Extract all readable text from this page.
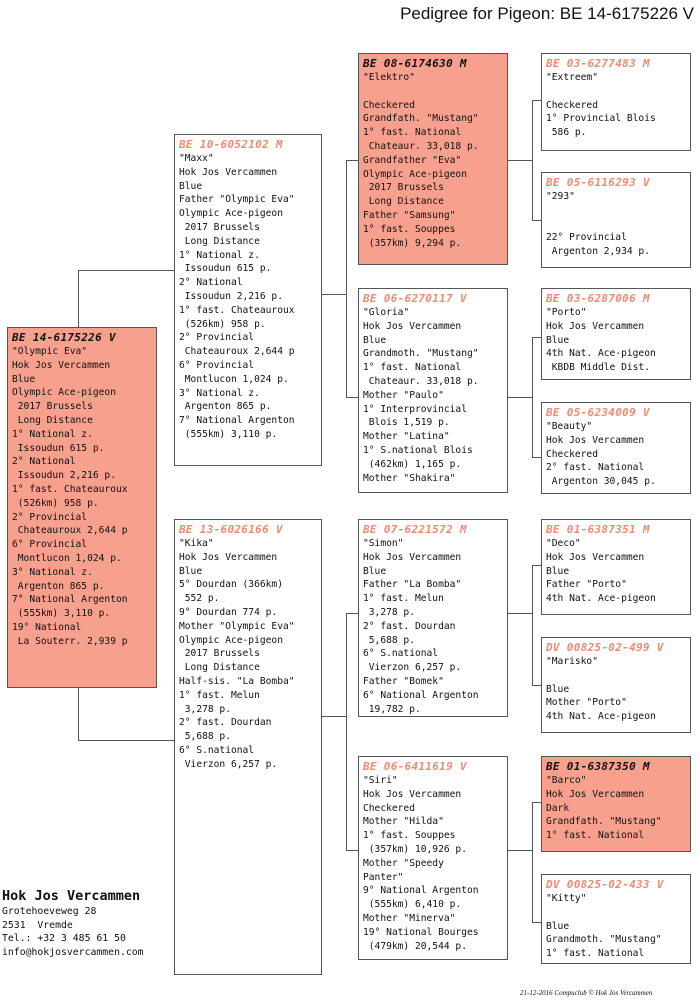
Pedigree for Pigeon: BE 14-6175226 V
BE 14-6175226 V
"Olympic Eva"
Hok Jos Vercammen
Blue
Olympic Ace-pigeon
2017 Brussels
Long Distance
1° National z.
Issoudun 615 p.
2° National
Issoudun 2,216 p.
1° fast. Chateauroux
(526km) 958 p.
2° Provincial
Chateauroux 2,644 p
6° Provincial
Montlucon 1,024 p.
3° National z.
Argenton 865 p.
7° National Argenton
(555km) 3,110 p.
19° National
La Souterr. 2,939 p
BE 10-6052102 M
"Maxx"
Hok Jos Vercammen
Blue
Father "Olympic Eva"
Olympic Ace-pigeon
2017 Brussels
Long Distance
1° National z.
Issoudun 615 p.
2° National
Issoudun 2,216 p.
1° fast. Chateauroux
(526km) 958 p.
2° Provincial
Chateauroux 2,644 p
6° Provincial
Montlucon 1,024 p.
3° National z.
Argenton 865 p.
7° National Argenton
(555km) 3,110 p.
BE 13-6026166 V
"Kika"
Hok Jos Vercammen
Blue
5° Dourdan (366km)
552 p.
9° Dourdan 774 p.
Mother "Olympic Eva"
Olympic Ace-pigeon
2017 Brussels
Long Distance
Half-sis. "La Bomba"
1° fast. Melun
3,278 p.
2° fast. Dourdan
5,688 p.
6° S.national
Vierzon 6,257 p.
BE 08-6174630 M
"Elektro"

Checkered
Grandfath. "Mustang"
1° fast. National
Chateaur. 33,018 p.
Grandfather "Eva"
Olympic Ace-pigeon
2017 Brussels
Long Distance
Father "Samsung"
1° fast. Souppes
(357km) 9,294 p.
BE 06-6270117 V
"Gloria"
Hok Jos Vercammen
Blue
Grandmoth. "Mustang"
1° fast. National
Chateaur. 33,018 p.
Mother "Paulo"
1° Interprovincial
Blois 1,519 p.
Mother "Latina"
1° S.national Blois
(462km) 1,165 p.
Mother "Shakira"
BE 07-6221572 M
"Simon"
Hok Jos Vercammen
Blue
Father "La Bomba"
1° fast. Melun
3,278 p.
2° fast. Dourdan
5,688 p.
6° S.national
Vierzon 6,257 p.
Father "Bomek"
6° National Argenton
19,782 p.
BE 06-6411619 V
"Siri"
Hok Jos Vercammen
Checkered
Mother "Hilda"
1° fast. Souppes
(357km) 10,926 p.
Mother "Speedy
Panter"
9° National Argenton
(555km) 6,410 p.
Mother "Minerva"
19° National Bourges
(479km) 20,544 p.
BE 03-6277483 M
"Extreem"

Checkered
1° Provincial Blois
586 p.
BE 05-6116293 V
"293"

22° Provincial
Argenton 2,934 p.
BE 03-6287006 M
"Porto"
Hok Jos Vercammen
Blue
4th Nat. Ace-pigeon
KBDB Middle Dist.
BE 05-6234009 V
"Beauty"
Hok Jos Vercammen
Checkered
2° fast. National
Argenton 30,045 p.
BE 01-6387351 M
"Deco"
Hok Jos Vercammen
Blue
Father "Porto"
4th Nat. Ace-pigeon
DV 00825-02-499 V
"Marisko"

Blue
Mother "Porto"
4th Nat. Ace-pigeon
BE 01-6387350 M
"Barco"
Hok Jos Vercammen
Dark
Grandfath. "Mustang"
1° fast. National
DV 00825-02-433 V
"Kitty"

Blue
Grandmoth. "Mustang"
1° fast. National
Hok Jos Vercammen
Grotehoeveweg 28
2531  Vremde
Tel.: +32 3 485 61 50
info@hokjosvercammen.com
21-12-2016 Compuclub © Hok Jos Vercammen
